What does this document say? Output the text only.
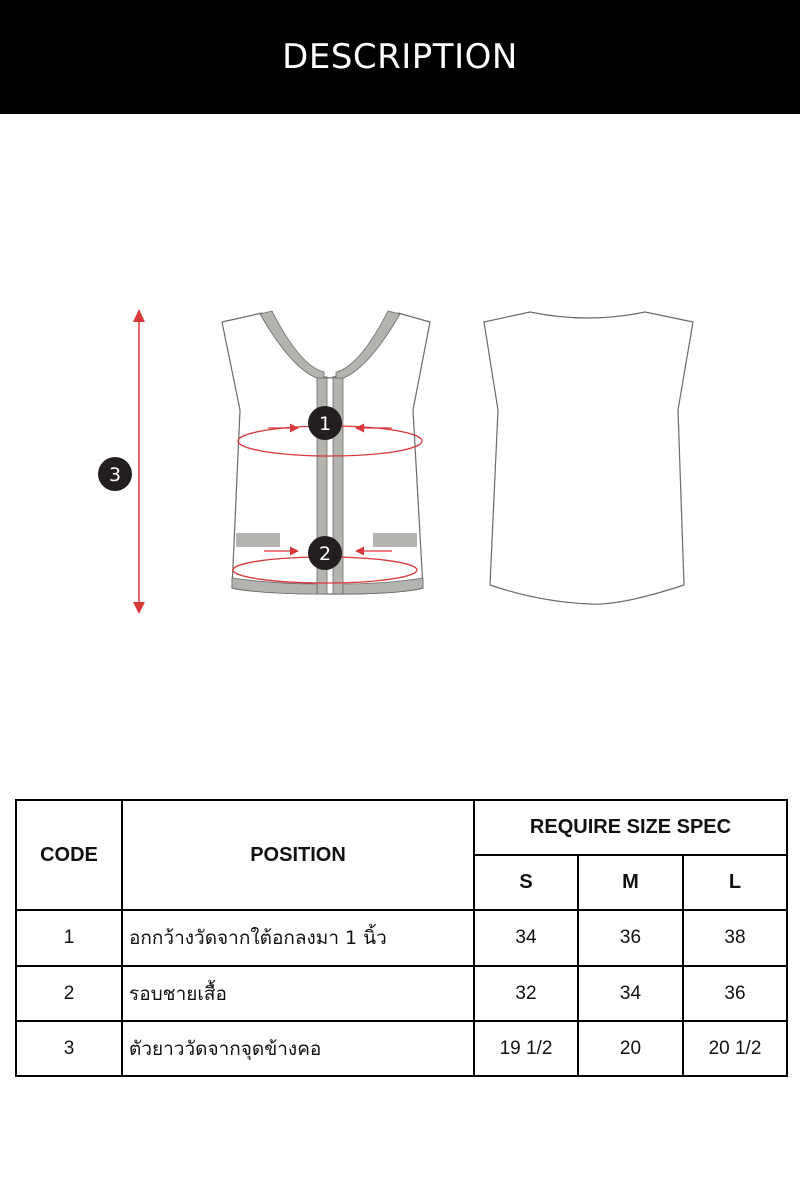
DESCRIPTION
3
1
2
CODE	POSITION	REQUIRE SIZE SPEC		
		S	M	L
1	อกกว้างวัดจากใต้อกลงมา 1 นิ้ว	34	36	38
2	รอบชายเสื้อ	32	34	36
3	ตัวยาววัดจากจุดข้างคอ	19 1/2	20	20 1/2
